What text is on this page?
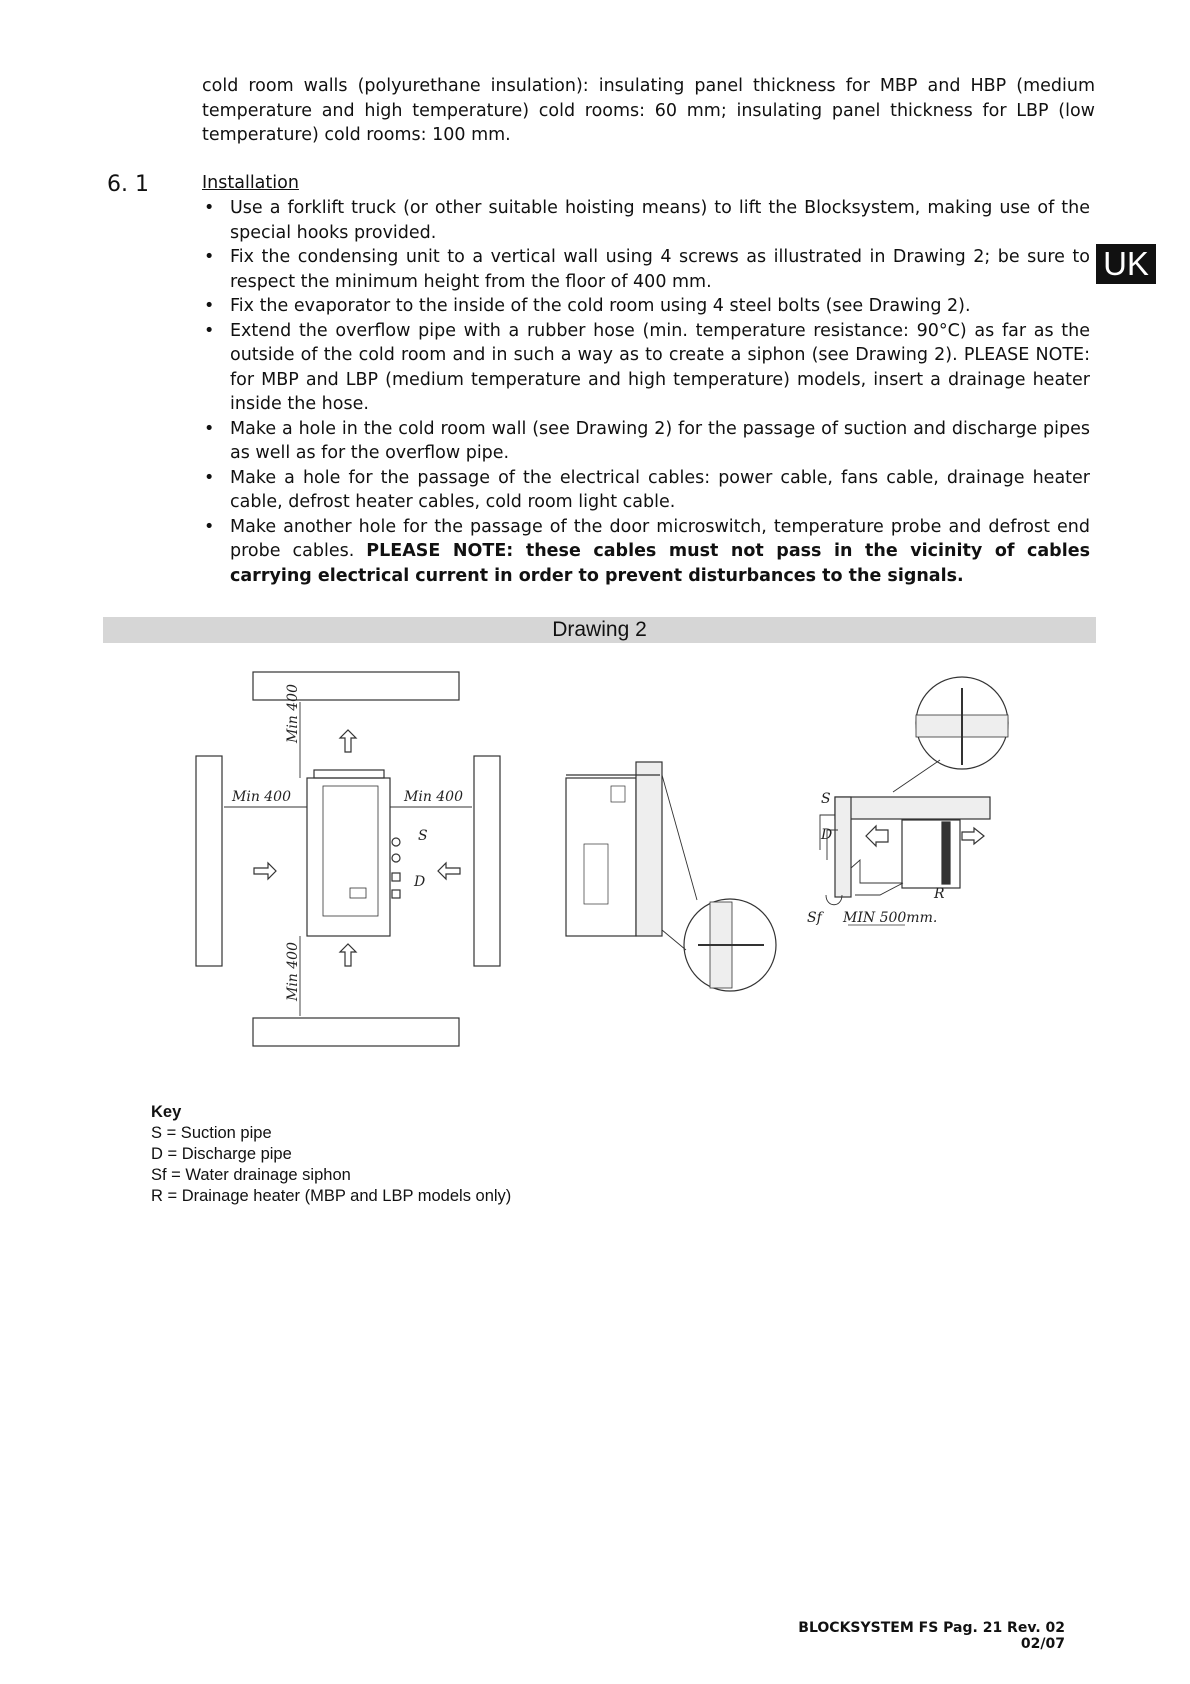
cold room walls (polyurethane insulation): insulating panel thickness for MBP and HBP (medium temperature and high temperature) cold rooms: 60 mm; insulating panel thickness for LBP (low temperature) cold rooms: 100 mm.
6. 1	Installation
• Use a forklift truck (or other suitable hoisting means) to lift the Blocksystem, making use of the special hooks provided.
• Fix the condensing unit to a vertical wall using 4 screws as illustrated in Drawing 2; be sure to respect the minimum height from the floor of 400 mm.
• Fix the evaporator to the inside of the cold room using 4 steel bolts (see Drawing 2).
• Extend the overflow pipe with a rubber hose (min. temperature resistance: 90°C) as far as the outside of the cold room and in such a way as to create a siphon (see Drawing 2). PLEASE NOTE: for MBP and LBP (medium temperature and high temperature) models, insert a drainage heater inside the hose.
• Make a hole in the cold room wall (see Drawing 2) for the passage of suction and discharge pipes as well as for the overflow pipe.
• Make a hole for the passage of the electrical cables: power cable, fans cable, drainage heater cable, defrost heater cables, cold room light cable.
• Make another hole for the passage of the door microswitch, temperature probe and defrost end probe cables. PLEASE NOTE: these cables must not pass in the vicinity of cables carrying electrical current in order to prevent disturbances to the signals.
UK
Drawing 2
Min 400
Min 400
Min 400	Min 400
S
D
S
D
Sf
R
MIN 500mm.
Key
S = Suction pipe
D = Discharge pipe
Sf = Water drainage siphon
R = Drainage heater (MBP and LBP models only)
BLOCKSYSTEM FS Pag. 21 Rev. 02 02/07
